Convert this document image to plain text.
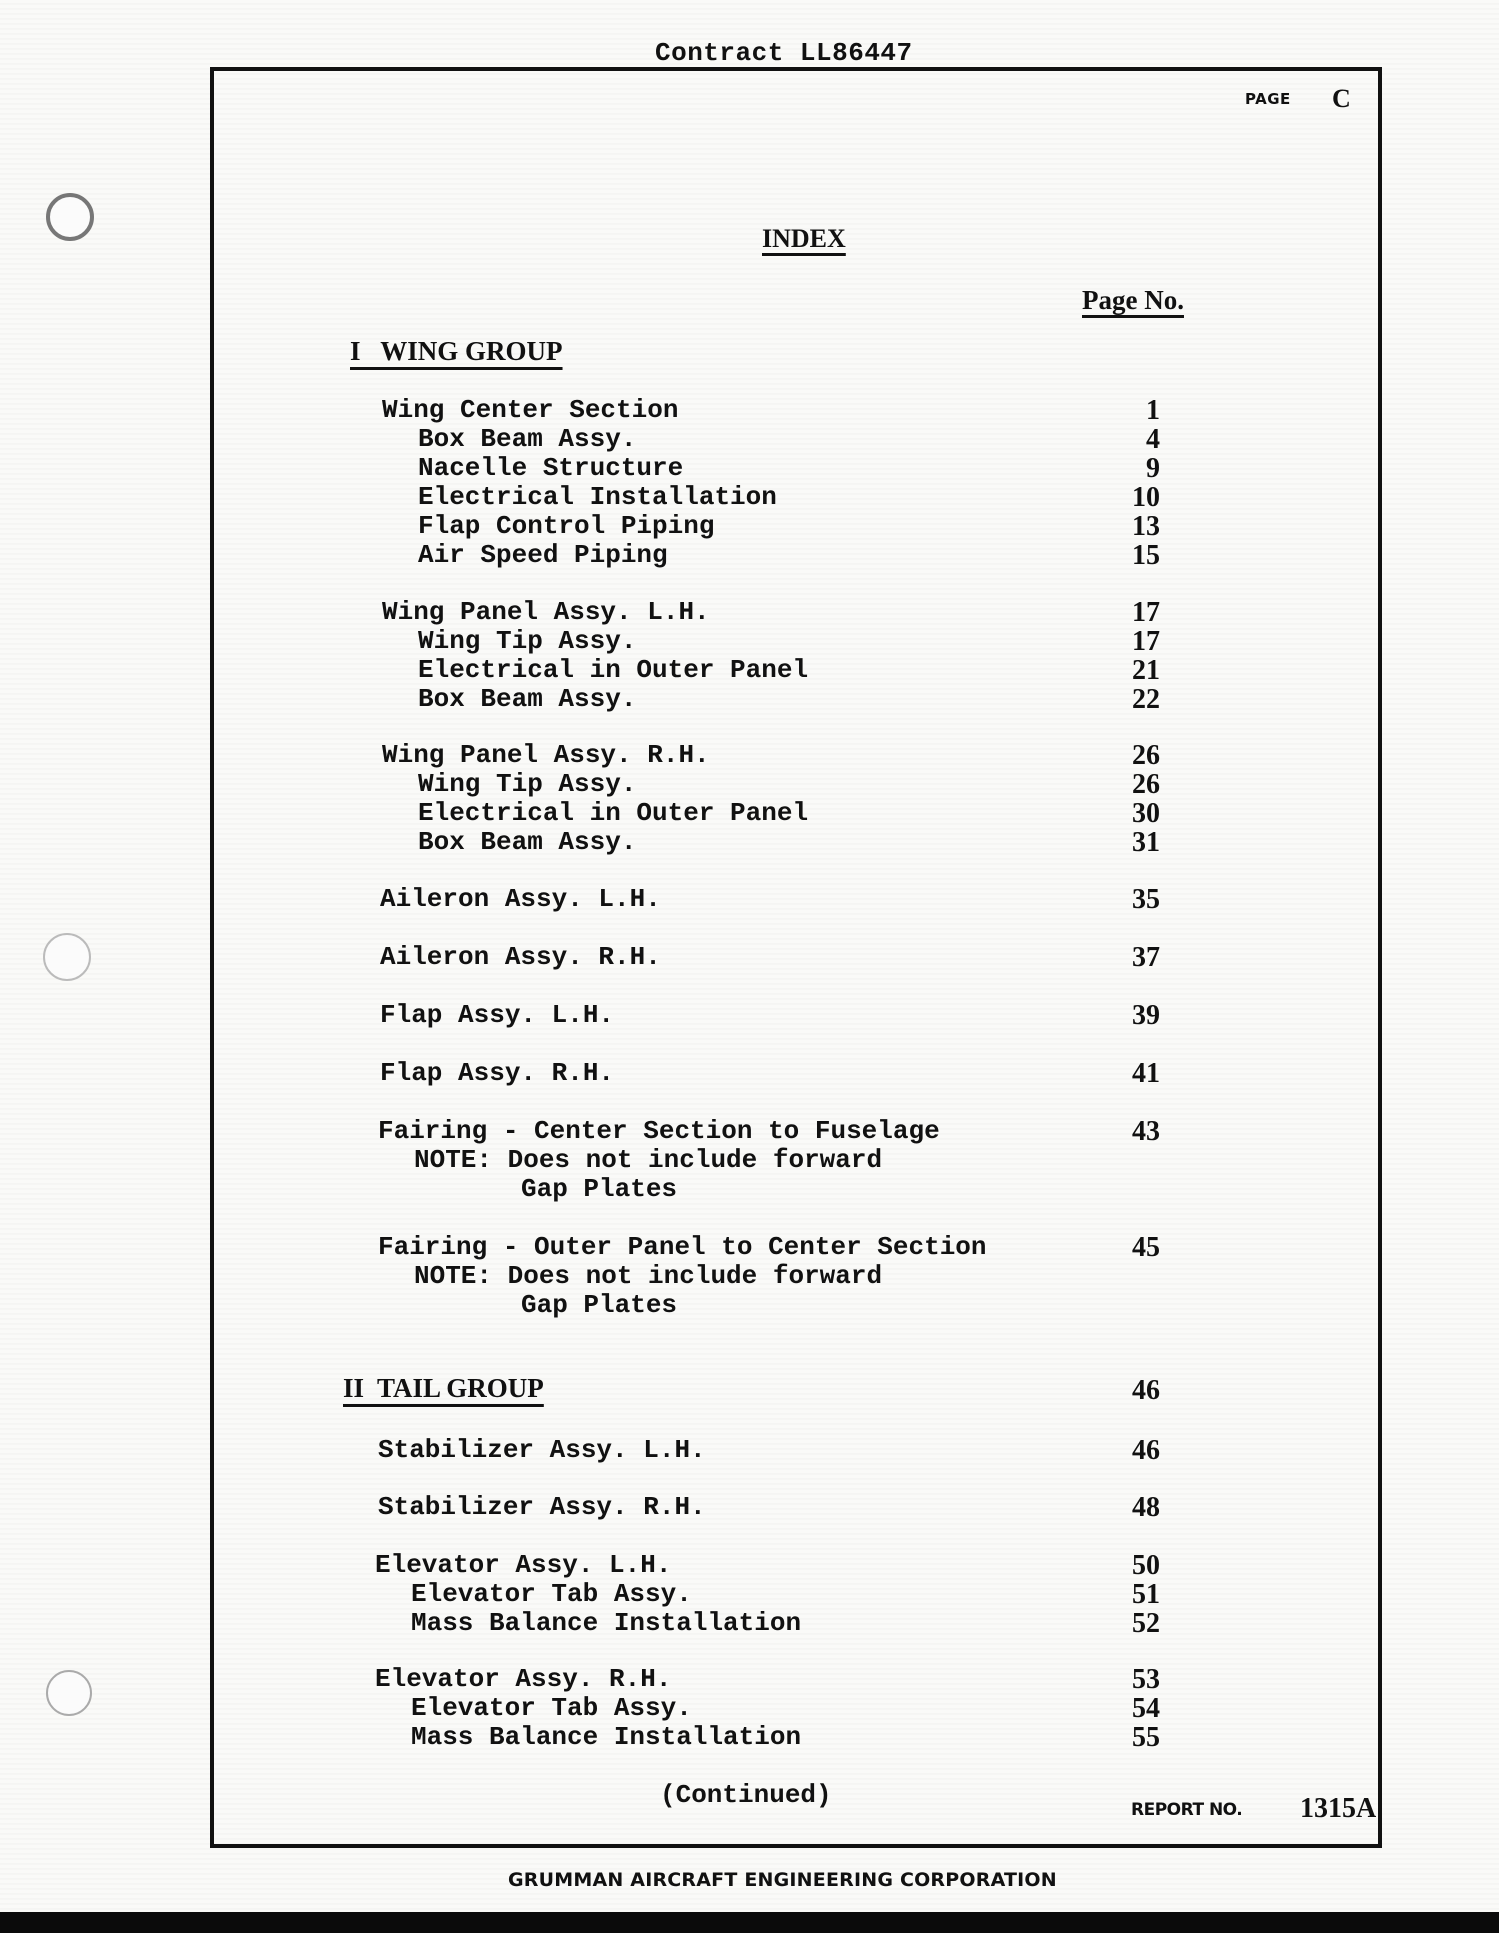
Contract LL86447
PAGE C
INDEX
Page No.
I   WING GROUP
Wing Center Section	1
Box Beam Assy.	4
Nacelle Structure	9
Electrical Installation	10
Flap Control Piping	13
Air Speed Piping	15
Wing Panel Assy. L.H.	17
Wing Tip Assy.	17
Electrical in Outer Panel	21
Box Beam Assy.	22
Wing Panel Assy. R.H.	26
Wing Tip Assy.	26
Electrical in Outer Panel	30
Box Beam Assy.	31
Aileron Assy. L.H.	35
Aileron Assy. R.H.	37
Flap Assy. L.H.	39
Flap Assy. R.H.	41
Fairing - Center Section to Fuselage	43
NOTE: Does not include forward
Gap Plates
Fairing - Outer Panel to Center Section	45
NOTE: Does not include forward
Gap Plates
II  TAIL GROUP	46
Stabilizer Assy. L.H.	46
Stabilizer Assy. R.H.	48
Elevator Assy. L.H.	50
Elevator Tab Assy.	51
Mass Balance Installation	52
Elevator Assy. R.H.	53
Elevator Tab Assy.	54
Mass Balance Installation	55
(Continued)	REPORT NO. 1315A
GRUMMAN AIRCRAFT ENGINEERING CORPORATION
